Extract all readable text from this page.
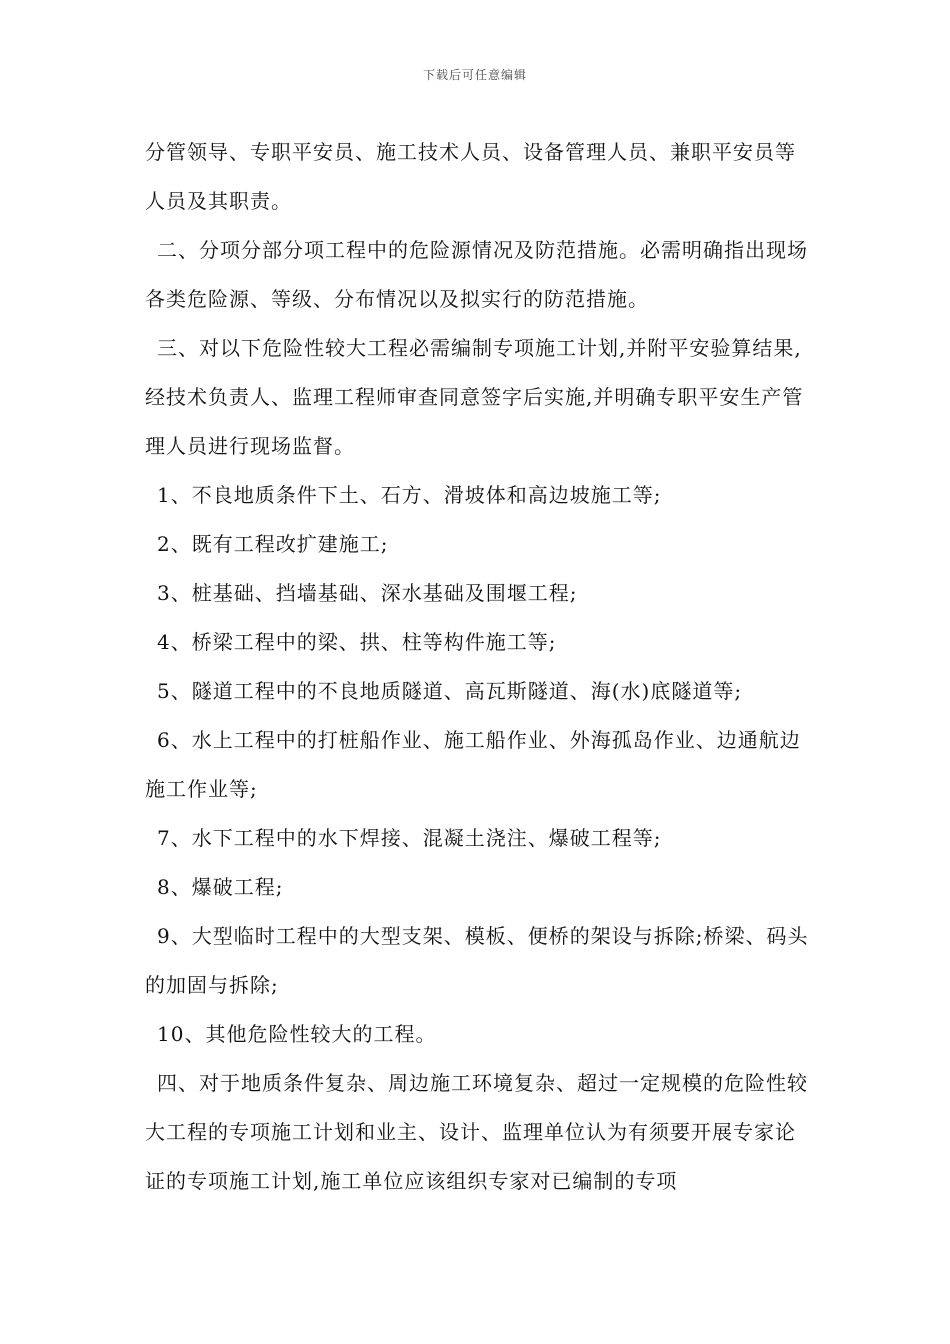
下载后可任意编辑

分管领导、专职平安员、施工技术人员、设备管理人员、兼职平安员等人员及其职责。

二、分项分部分项工程中的危险源情况及防范措施。必需明确指出现场各类危险源、等级、分布情况以及拟实行的防范措施。

三、对以下危险性较大工程必需编制专项施工计划,并附平安验算结果,经技术负责人、监理工程师审查同意签字后实施,并明确专职平安生产管理人员进行现场监督。

1、不良地质条件下土、石方、滑坡体和高边坡施工等;

2、既有工程改扩建施工;

3、桩基础、挡墙基础、深水基础及围堰工程;

4、桥梁工程中的梁、拱、柱等构件施工等;

5、隧道工程中的不良地质隧道、高瓦斯隧道、海(水)底隧道等;

6、水上工程中的打桩船作业、施工船作业、外海孤岛作业、边通航边施工作业等;

7、水下工程中的水下焊接、混凝土浇注、爆破工程等;

8、爆破工程;

9、大型临时工程中的大型支架、模板、便桥的架设与拆除;桥梁、码头的加固与拆除;

10、其他危险性较大的工程。

四、对于地质条件复杂、周边施工环境复杂、超过一定规模的危险性较大工程的专项施工计划和业主、设计、监理单位认为有须要开展专家论证的专项施工计划,施工单位应该组织专家对已编制的专项
